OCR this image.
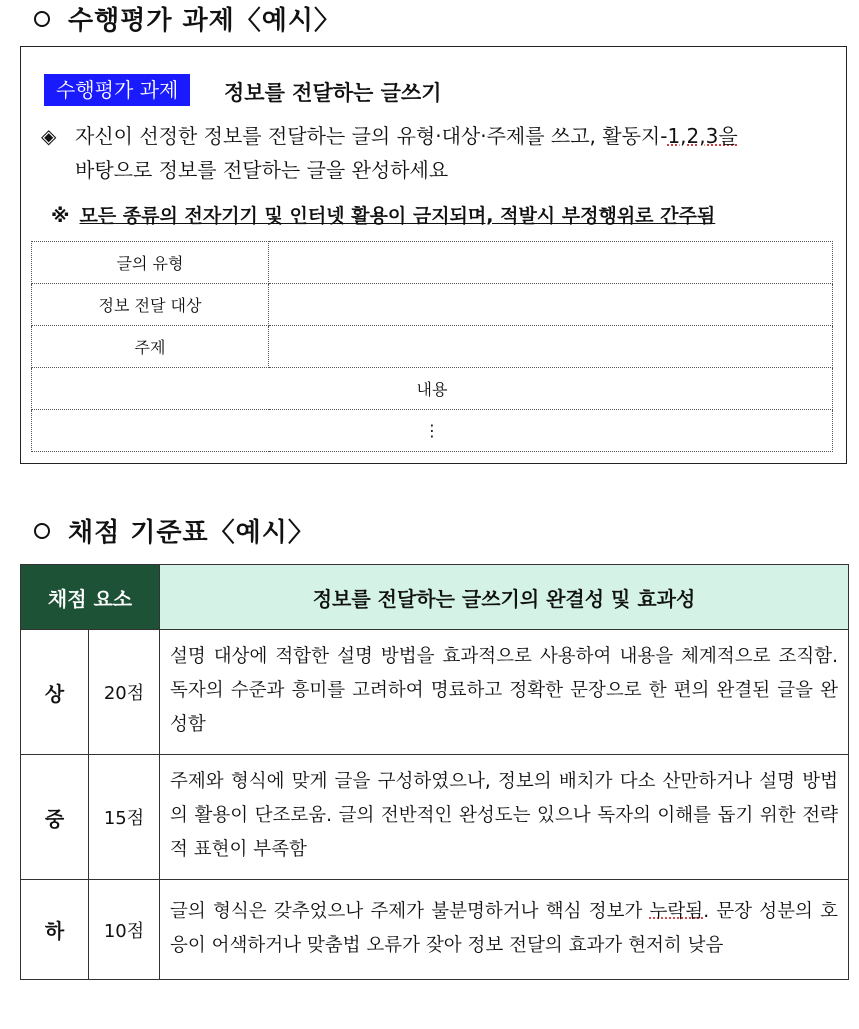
수행평가 과제〈예시〉
수행평가 과제	정보를 전달하는 글쓰기
◈ 자신이 선정한 정보를 전달하는 글의 유형·대상·주제를 쓰고, 활동지-1,2,3을
바탕으로 정보를 전달하는 글을 완성하세요
※ 모든 종류의 전자기기 및 인터넷 활용이 금지되며, 적발시 부정행위로 간주됨
글의 유형	
정보 전달 대상	
주제	
내용	
⋮	
채점 기준표〈예시〉
채점 요소		정보를 전달하는 글쓰기의 완결성 및 효과성
상	20점	설명 대상에 적합한 설명 방법을 효과적으로 사용하여 내용을 체계적으로 조직함. 독자의 수준과 흥미를 고려하여 명료하고 정확한 문장으로 한 편의 완결된 글을 완성함
중	15점	주제와 형식에 맞게 글을 구성하였으나, 정보의 배치가 다소 산만하거나 설명 방법의 활용이 단조로움. 글의 전반적인 완성도는 있으나 독자의 이해를 돕기 위한 전략적 표현이 부족함
하	10점	글의 형식은 갖추었으나 주제가 불분명하거나 핵심 정보가 누락됨. 문장 성분의 호응이 어색하거나 맞춤법 오류가 잦아 정보 전달의 효과가 현저히 낮음
